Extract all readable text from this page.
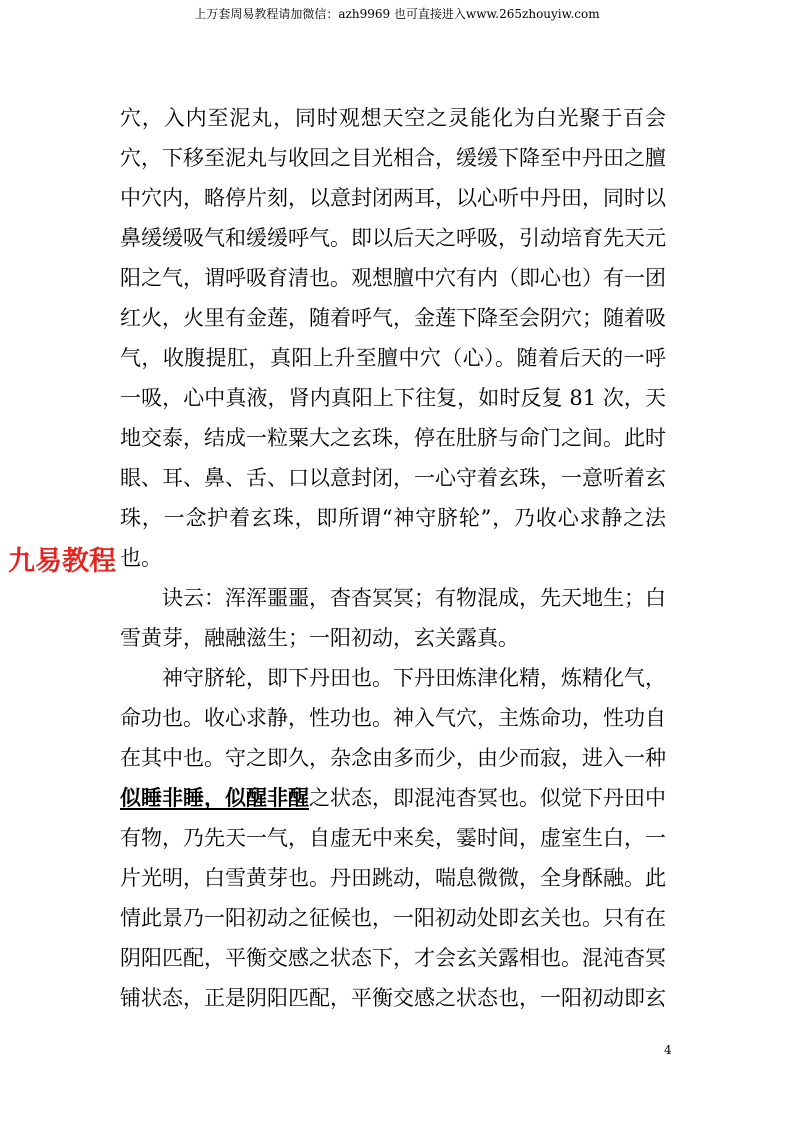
上万套周易教程请加微信：azh9969 也可直接进入www.265zhouyiw.com

穴，入内至泥丸，同时观想天空之灵能化为白光聚于百会穴，下移至泥丸与收回之目光相合，缓缓下降至中丹田之膻中穴内，略停片刻，以意封闭两耳，以心听中丹田，同时以鼻缓缓吸气和缓缓呼气。即以后天之呼吸，引动培育先天元阳之气，谓呼吸育清也。观想膻中穴有内（即心也）有一团红火，火里有金莲，随着呼气，金莲下降至会阴穴；随着吸气，收腹提肛，真阳上升至膻中穴（心）。随着后天的一呼一吸，心中真液，肾内真阳上下往复，如时反复 81 次，天地交泰，结成一粒粟大之玄珠，停在肚脐与命门之间。此时眼、耳、鼻、舌、口以意封闭，一心守着玄珠，一意听着玄珠，一念护着玄珠，即所谓“神守脐轮”，乃收心求静之法也。

诀云：浑浑噩噩，杳杳冥冥；有物混成，先天地生；白雪黄芽，融融滋生；一阳初动，玄关露真。

神守脐轮，即下丹田也。下丹田炼津化精，炼精化气，命功也。收心求静，性功也。神入气穴，主炼命功，性功自在其中也。守之即久，杂念由多而少，由少而寂，进入一种似睡非睡，似醒非醒之状态，即混沌杳冥也。似觉下丹田中有物，乃先天一气，自虚无中来矣，霎时间，虚室生白，一片光明，白雪黄芽也。丹田跳动，喘息微微，全身酥融。此情此景乃一阳初动之征候也，一阳初动处即玄关也。只有在阴阳匹配，平衡交感之状态下，才会玄关露相也。混沌杳冥铺状态，正是阴阳匹配，平衡交感之状态也，一阳初动即玄

九易教程
4
